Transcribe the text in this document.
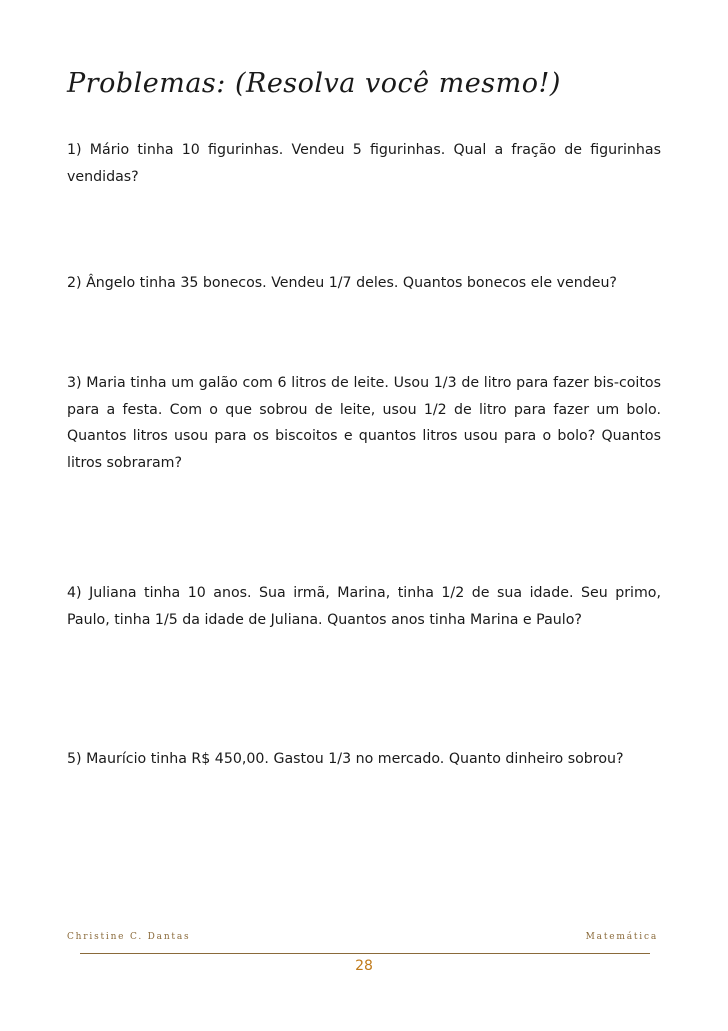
Problemas: (Resolva você mesmo!)
1) Mário tinha 10 figurinhas. Vendeu 5 figurinhas. Qual a fração de figurinhas vendidas?
2) Ângelo tinha 35 bonecos. Vendeu 1/7 deles. Quantos bonecos ele vendeu?
3) Maria tinha um galão com 6 litros de leite. Usou 1/3 de litro para fazer bis-coitos para a festa. Com o que sobrou de leite, usou 1/2 de litro para fazer um bolo. Quantos litros usou para os biscoitos e quantos litros usou para o bolo? Quantos litros sobraram?
4) Juliana tinha 10 anos. Sua irmã, Marina, tinha 1/2 de sua idade. Seu primo, Paulo, tinha 1/5 da idade de Juliana. Quantos anos tinha Marina e Paulo?
5) Maurício tinha R$ 450,00. Gastou 1/3 no mercado. Quanto dinheiro sobrou?
Christine C. Dantas	Matemática
28
